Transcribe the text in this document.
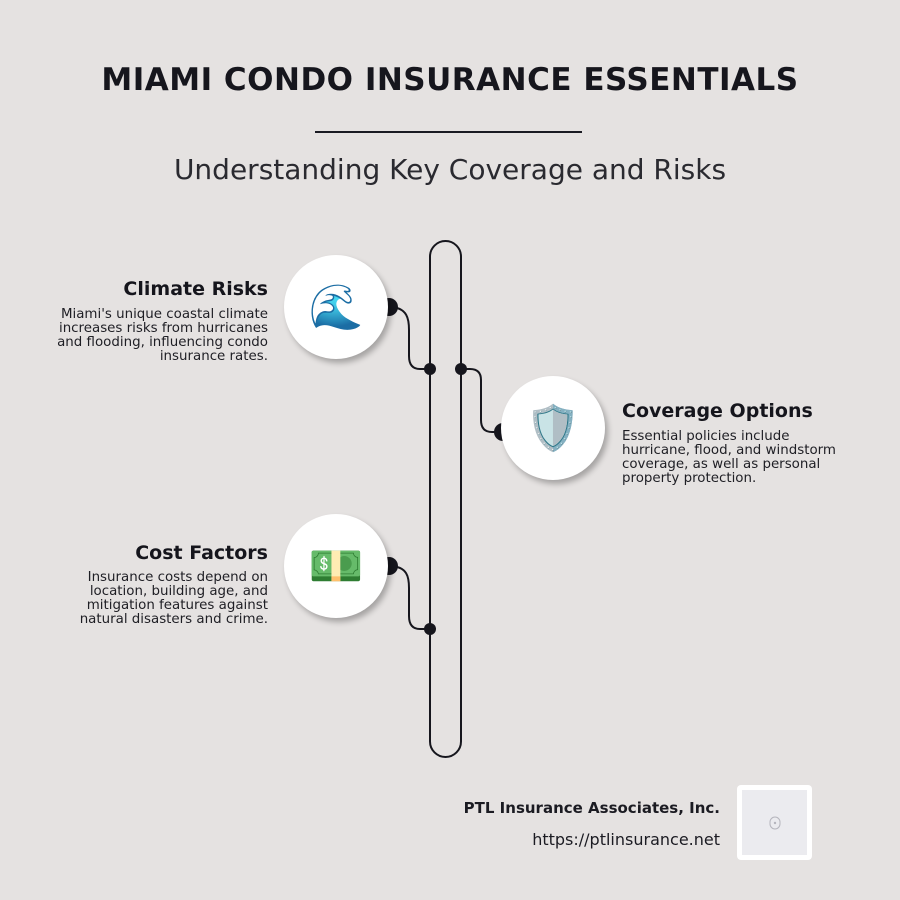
MIAMI CONDO INSURANCE ESSENTIALS

Understanding Key Coverage and Risks

🌊

Climate Risks

Miami's unique coastal climate increases risks from hurricanes and flooding, influencing condo insurance rates.

🛡️	Coverage Options

Essential policies include hurricane, flood, and windstorm coverage, as well as personal property protection.

💵

Cost Factors

Insurance costs depend on location, building age, and mitigation features against natural disasters and crime.

PTL Insurance Associates, Inc.
https://ptlinsurance.net
